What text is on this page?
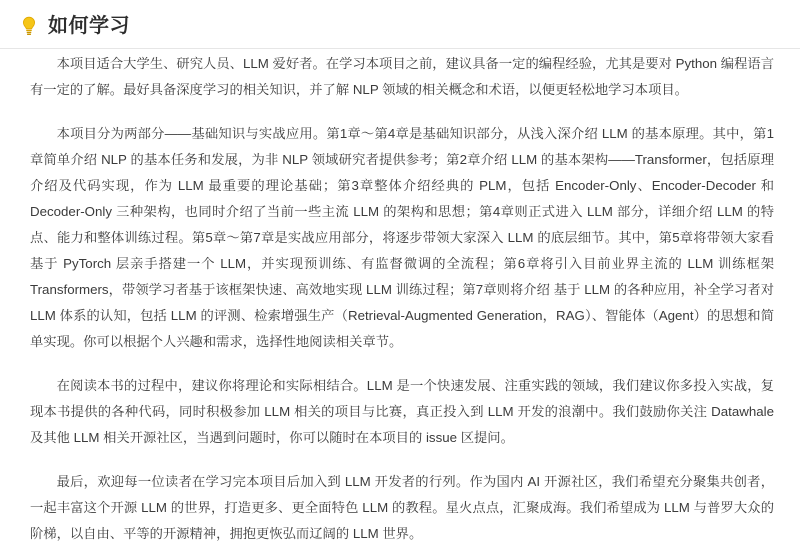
如何学习

本项目适合大学生、研究人员、LLM 爱好者。在学习本项目之前，建议具备一定的编程经验，尤其是要对 Python 编程语言有一定的了解。最好具备深度学习的相关知识，并了解 NLP 领域的相关概念和术语，以便更轻松地学习本项目。

本项目分为两部分——基础知识与实战应用。第1章～第4章是基础知识部分，从浅入深介绍 LLM 的基本原理。其中，第1章简单介绍 NLP 的基本任务和发展，为非 NLP 领域研究者提供参考；第2章介绍 LLM 的基本架构——Transformer，包括原理介绍及代码实现，作为 LLM 最重要的理论基础；第3章整体介绍经典的 PLM，包括 Encoder-Only、Encoder-Decoder 和 Decoder-Only 三种架构，也同时介绍了当前一些主流 LLM 的架构和思想；第4章则正式进入 LLM 部分，详细介绍 LLM 的特点、能力和整体训练过程。第5章～第7章是实战应用部分，将逐步带领大家深入 LLM 的底层细节。其中，第5章将带领大家看基于 PyTorch 层亲手搭建一个 LLM，并实现预训练、有监督微调的全流程；第6章将引入目前业界主流的 LLM 训练框架 Transformers，带领学习者基于该框架快速、高效地实现 LLM 训练过程；第7章则将介绍 基于 LLM 的各种应用，补全学习者对 LLM 体系的认知，包括 LLM 的评测、检索增强生产（Retrieval-Augmented Generation，RAG）、智能体（Agent）的思想和简单实现。你可以根据个人兴趣和需求，选择性地阅读相关章节。

在阅读本书的过程中，建议你将理论和实际相结合。LLM 是一个快速发展、注重实践的领域，我们建议你多投入实战，复现本书提供的各种代码，同时积极参加 LLM 相关的项目与比赛，真正投入到 LLM 开发的浪潮中。我们鼓励你关注 Datawhale 及其他 LLM 相关开源社区，当遇到问题时，你可以随时在本项目的 issue 区提问。

最后，欢迎每一位读者在学习完本项目后加入到 LLM 开发者的行列。作为国内 AI 开源社区，我们希望充分聚集共创者，一起丰富这个开源 LLM 的世界，打造更多、更全面特色 LLM 的教程。星火点点，汇聚成海。我们希望成为 LLM 与普罗大众的阶梯，以自由、平等的开源精神，拥抱更恢弘而辽阔的 LLM 世界。
